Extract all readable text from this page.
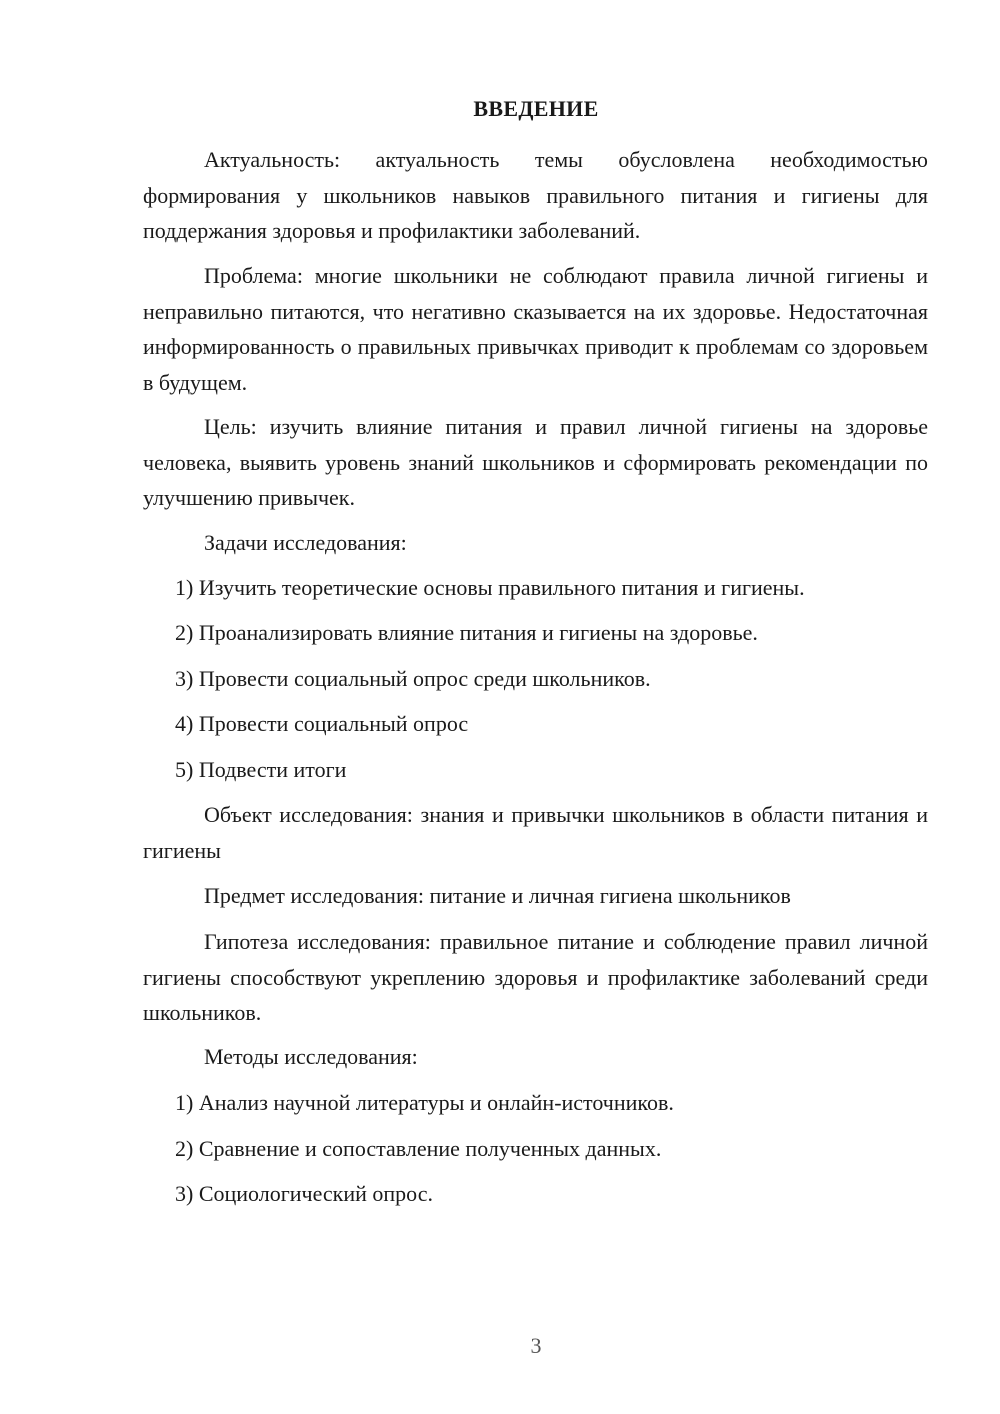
ВВЕДЕНИЕ

Актуальность: актуальность темы обусловлена необходимостью формирования у школьников навыков правильного питания и гигиены для поддержания здоровья и профилактики заболеваний.

Проблема: многие школьники не соблюдают правила личной гигиены и неправильно питаются, что негативно сказывается на их здоровье. Недостаточная информированность о правильных привычках приводит к проблемам со здоровьем в будущем.

Цель: изучить влияние питания и правил личной гигиены на здоровье человека, выявить уровень знаний школьников и сформировать рекомендации по улучшению привычек.

Задачи исследования:

1) Изучить теоретические основы правильного питания и гигиены.

2) Проанализировать влияние питания и гигиены на здоровье.

3) Провести социальный опрос среди школьников.

4) Провести социальный опрос

5) Подвести итоги

Объект исследования: знания и привычки школьников в области питания и гигиены

Предмет исследования: питание и личная гигиена школьников

Гипотеза исследования: правильное питание и соблюдение правил личной гигиены способствуют укреплению здоровья и профилактике заболеваний среди школьников.

Методы исследования:

1) Анализ научной литературы и онлайн-источников.

2) Сравнение и сопоставление полученных данных.

3) Социологический опрос.

3
